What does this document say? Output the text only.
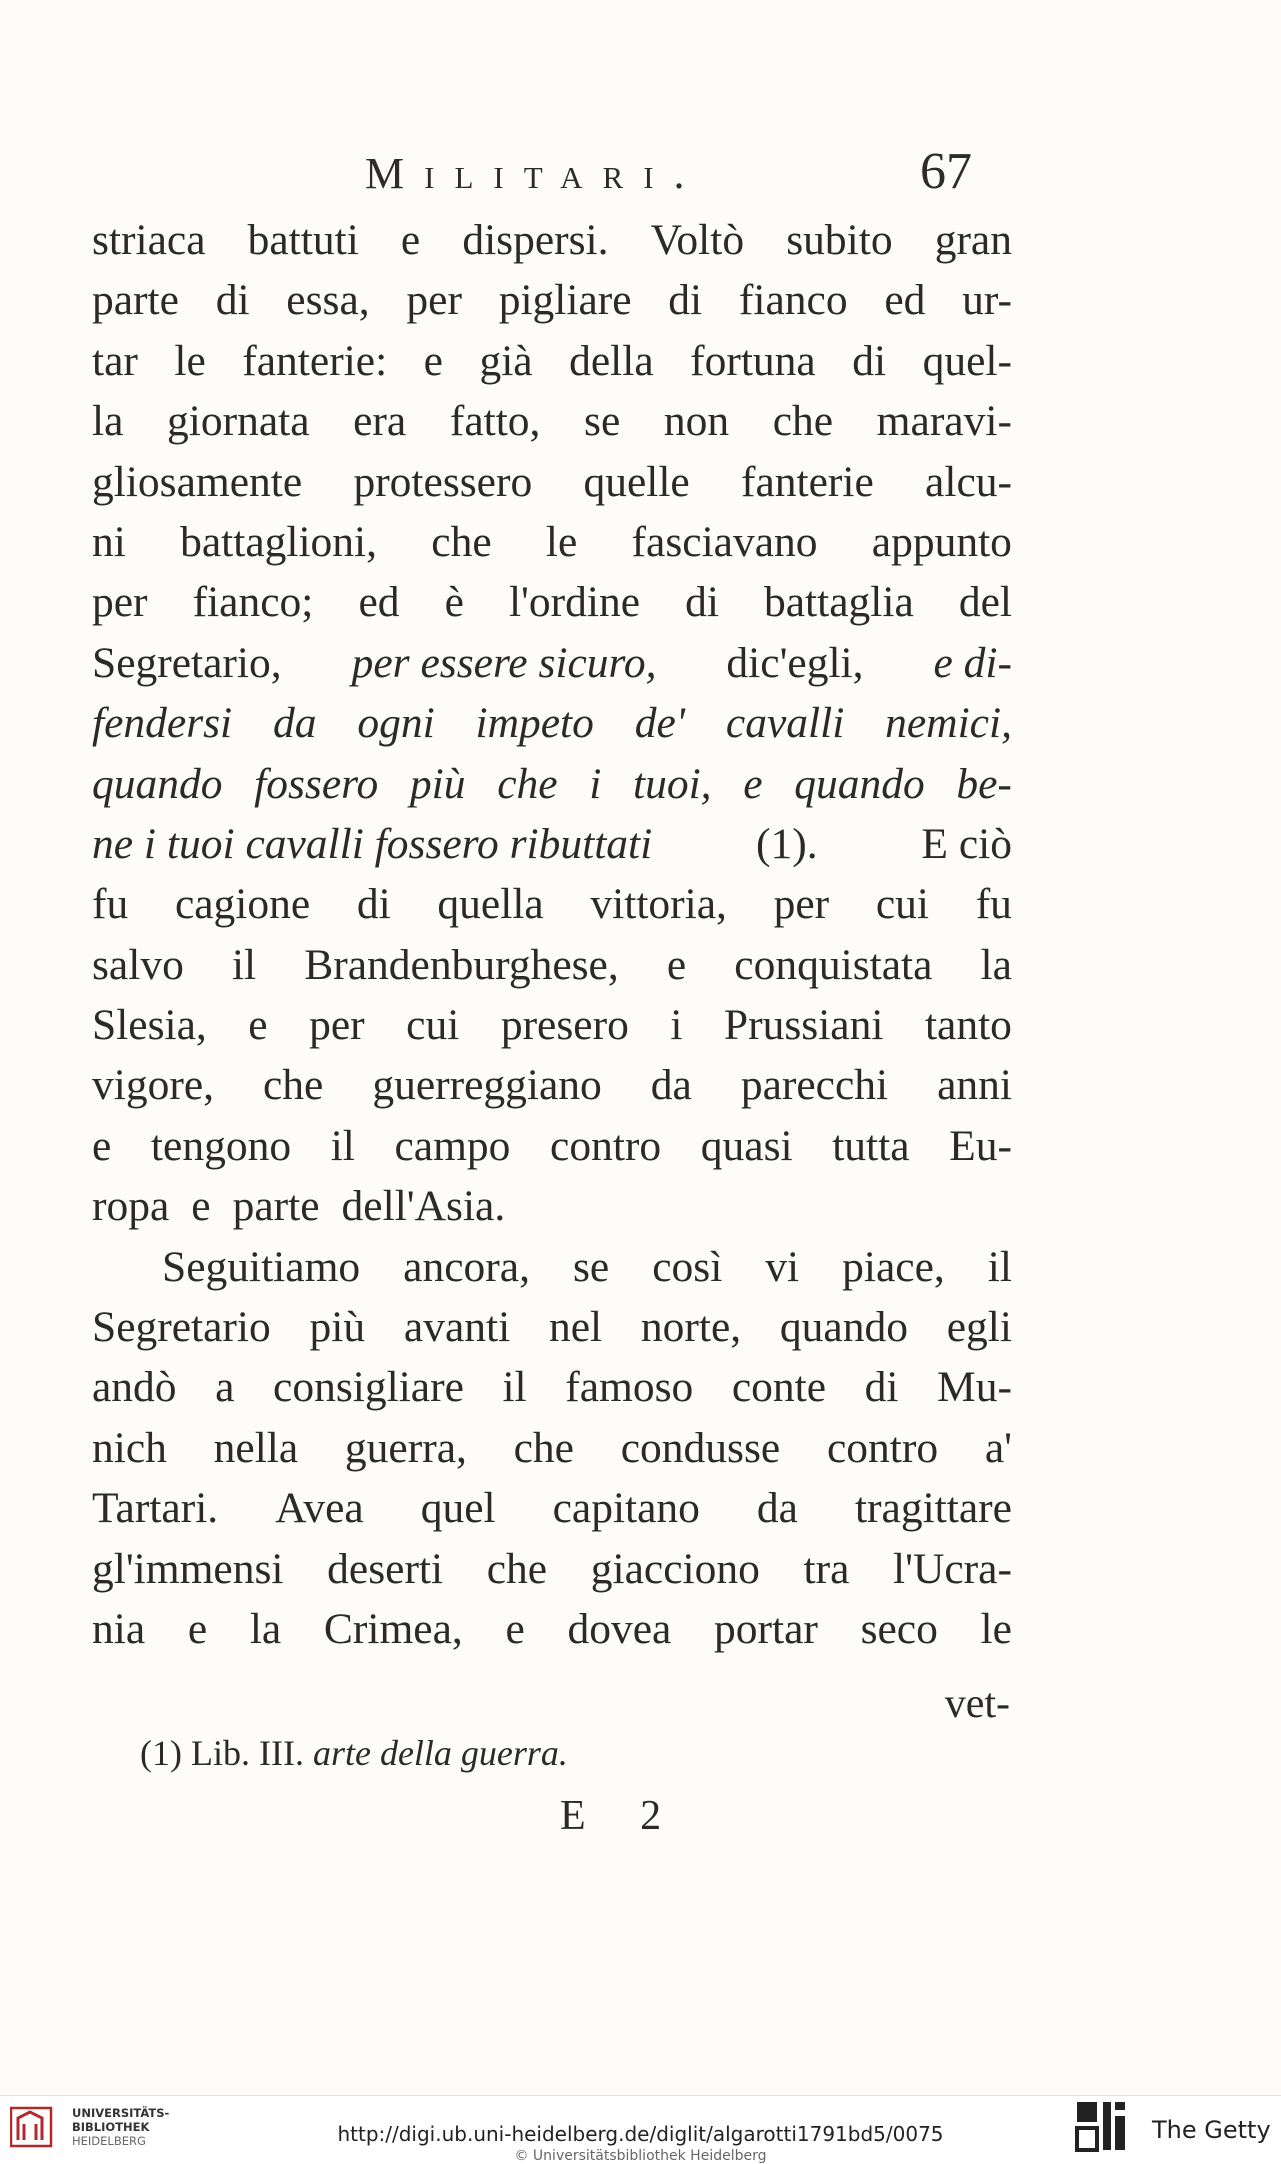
Militari.	67
striaca battuti e dispersi. Voltò subito gran
parte di essa, per pigliare di fianco ed ur-
tar le fanterie: e già della fortuna di quel-
la giornata era fatto, se non che maravi-
gliosamente protessero quelle fanterie alcu-
ni battaglioni, che le fasciavano appunto
per fianco; ed è l'ordine di battaglia del
Segretario, per essere sicuro, dic'egli, e di-
fendersi da ogni impeto de' cavalli nemici,
quando fossero più che i tuoi, e quando be-
ne i tuoi cavalli fossero ributtati (1). E ciò
fu cagione di quella vittoria, per cui fu
salvo il Brandenburghese, e conquistata la
Slesia, e per cui presero i Prussiani tanto
vigore, che guerreggiano da parecchi anni
e tengono il campo contro quasi tutta Eu-
ropa e parte dell'Asia.
Seguitiamo ancora, se così vi piace, il
Segretario più avanti nel norte, quando egli
andò a consigliare il famoso conte di Mu-
nich nella guerra, che condusse contro a'
Tartari. Avea quel capitano da tragittare
gl'immensi deserti che giacciono tra l'Ucra-
nia e la Crimea, e dovea portar seco le
vet-
(1) Lib. III. arte della guerra.
E 2
UNIVERSITÄTS-
BIBLIOTHEK
HEIDELBERG	http://digi.ub.uni-heidelberg.de/diglit/algarotti1791bd5/0075
© Universitätsbibliothek Heidelberg
The Getty
